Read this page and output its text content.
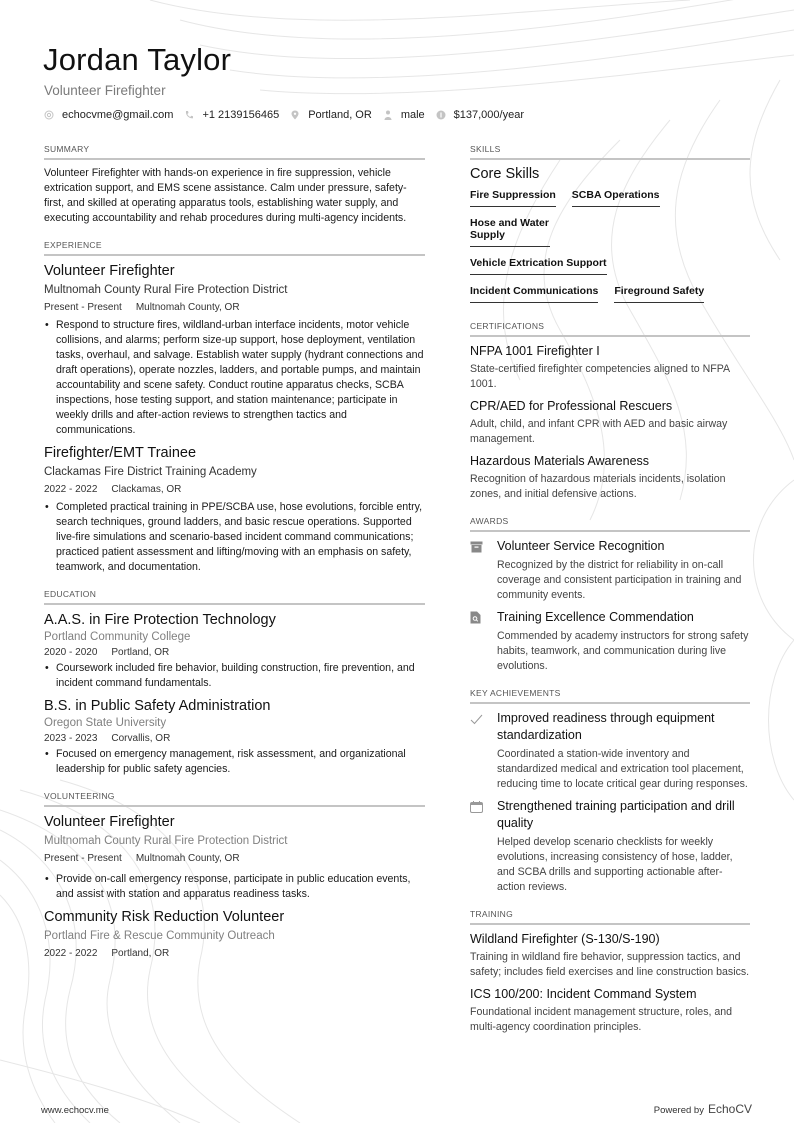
Jordan Taylor
Volunteer Firefighter
echocvme@gmail.com	+1 2139156465	Portland, OR	male	$137,000/year
SUMMARY
Volunteer Firefighter with hands-on experience in fire suppression, vehicle extrication support, and EMS scene assistance. Calm under pressure, safety-first, and skilled at operating apparatus tools, establishing water supply, and executing accountability and rehab procedures during multi-agency incidents.
EXPERIENCE
Volunteer Firefighter
Multnomah County Rural Fire Protection District
Present - Present Multnomah County, OR
• Respond to structure fires, wildland-urban interface incidents, motor vehicle collisions, and alarms; perform size-up support, hose deployment, ventilation tasks, overhaul, and salvage. Establish water supply (hydrant connections and draft operations), operate nozzles, ladders, and portable pumps, and maintain accountability and scene safety. Conduct routine apparatus checks, SCBA inspections, hose testing support, and station maintenance; participate in weekly drills and after-action reviews to strengthen tactics and communications.
Firefighter/EMT Trainee
Clackamas Fire District Training Academy
2022 - 2022 Clackamas, OR
• Completed practical training in PPE/SCBA use, hose evolutions, forcible entry, search techniques, ground ladders, and basic rescue operations. Supported live-fire simulations and scenario-based incident command communications; practiced patient assessment and lifting/moving with an emphasis on safety, teamwork, and documentation.
EDUCATION
A.A.S. in Fire Protection Technology
Portland Community College
2020 - 2020 Portland, OR
• Coursework included fire behavior, building construction, fire prevention, and incident command fundamentals.
B.S. in Public Safety Administration
Oregon State University
2023 - 2023 Corvallis, OR
• Focused on emergency management, risk assessment, and organizational leadership for public safety agencies.
VOLUNTEERING
Volunteer Firefighter
Multnomah County Rural Fire Protection District
Present - Present Multnomah County, OR
• Provide on-call emergency response, participate in public education events, and assist with station and apparatus readiness tasks.
Community Risk Reduction Volunteer
Portland Fire & Rescue Community Outreach
2022 - 2022 Portland, OR
SKILLS
Core Skills
Fire Suppression SCBA Operations
Hose and Water Supply
Vehicle Extrication Support
Incident Communications Fireground Safety
CERTIFICATIONS
NFPA 1001 Firefighter I
State-certified firefighter competencies aligned to NFPA 1001.
CPR/AED for Professional Rescuers
Adult, child, and infant CPR with AED and basic airway management.
Hazardous Materials Awareness
Recognition of hazardous materials incidents, isolation zones, and initial defensive actions.
AWARDS
Volunteer Service Recognition
Recognized by the district for reliability in on-call coverage and consistent participation in training and community events.
Training Excellence Commendation
Commended by academy instructors for strong safety habits, teamwork, and communication during live evolutions.
KEY ACHIEVEMENTS
Improved readiness through equipment standardization
Coordinated a station-wide inventory and standardized medical and extrication tool placement, reducing time to locate critical gear during responses.
Strengthened training participation and drill quality
Helped develop scenario checklists for weekly evolutions, increasing consistency of hose, ladder, and SCBA drills and supporting actionable after-action reviews.
TRAINING
Wildland Firefighter (S-130/S-190)
Training in wildland fire behavior, suppression tactics, and safety; includes field exercises and line construction basics.
ICS 100/200: Incident Command System
Foundational incident management structure, roles, and multi-agency coordination principles.
www.echocv.me	Powered by EchoCV
